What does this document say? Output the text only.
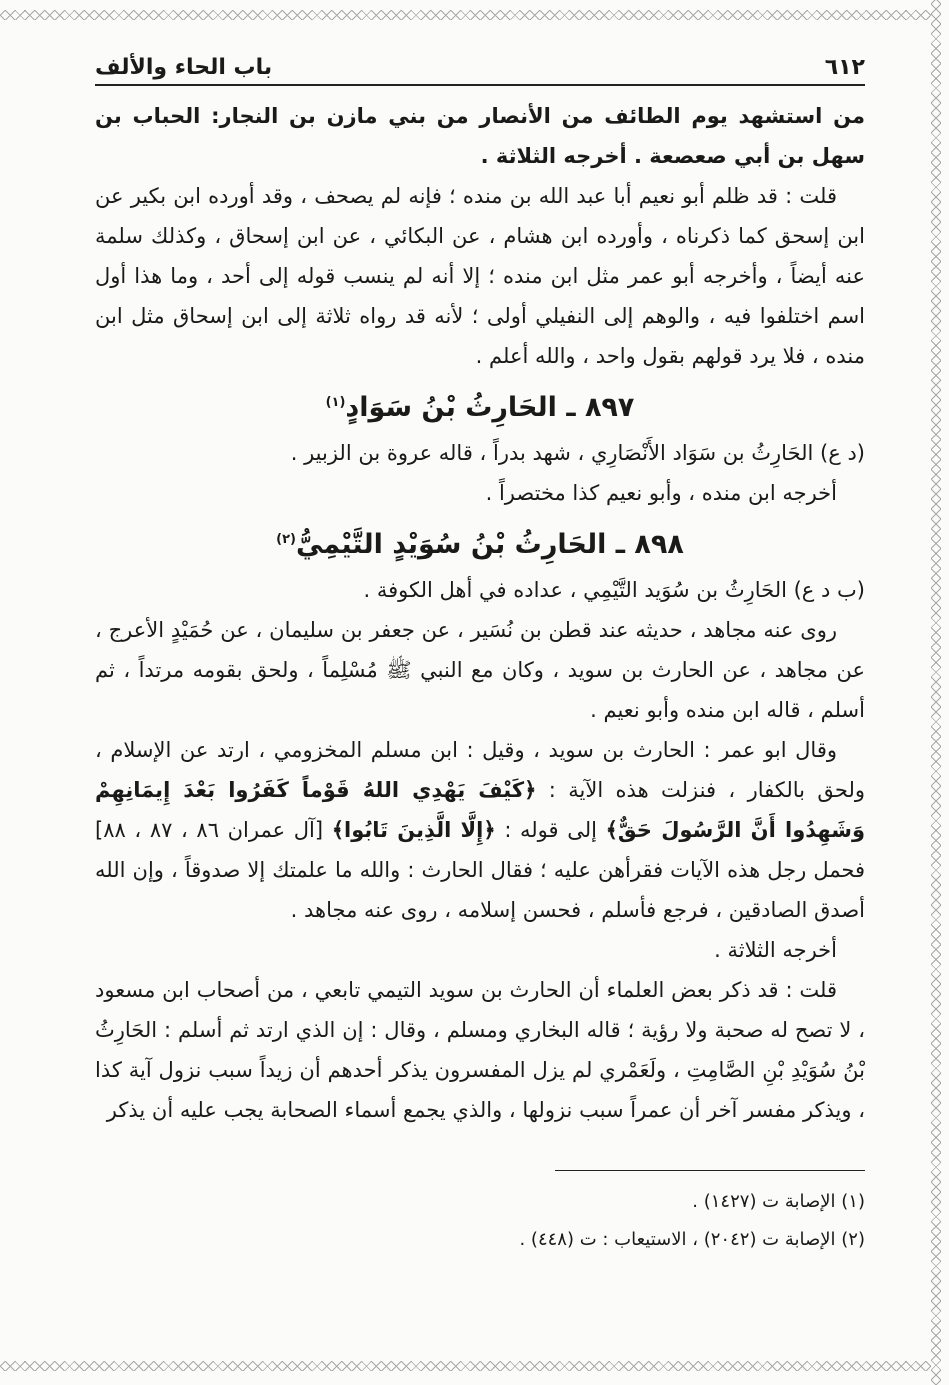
٦١٢
باب الحاء والألف

من استشهد يوم الطائف من الأنصار من بني مازن بن النجار: الحباب بن سهل بن أبي صعصعة . أخرجه الثلاثة .

قلت : قد ظلم أبو نعيم أبا عبد الله بن منده ؛ فإنه لم يصحف ، وقد أورده ابن بكير عن ابن إسحق كما ذكرناه ، وأورده ابن هشام ، عن البكائي ، عن ابن إسحاق ، وكذلك سلمة عنه أيضاً ، وأخرجه أبو عمر مثل ابن منده ؛ إلا أنه لم ينسب قوله إلى أحد ، وما هذا أول اسم اختلفوا فيه ، والوهم إلى النفيلي أولى ؛ لأنه قد رواه ثلاثة إلى ابن إسحاق مثل ابن منده ، فلا يرد قولهم بقول واحد ، والله أعلم .

٨٩٧ ـ الحَارِثُ بْنُ سَوَادٍ$^{(١)}$

(د ع) الحَارِثُ بن سَوَاد الأَنْصَارِي ، شهد بدراً ، قاله عروة بن الزبير .

أخرجه ابن منده ، وأبو نعيم كذا مختصراً .

٨٩٨ ـ الحَارِثُ بْنُ سُوَيْدٍ التَّيْمِيُّ$^{(٢)}$

(ب د ع) الحَارِثُ بن سُوَيد التَّيْمِي ، عداده في أهل الكوفة .

روى عنه مجاهد ، حديثه عند قطن بن نُسَير ، عن جعفر بن سليمان ، عن حُمَيْدٍ الأعرج ، عن مجاهد ، عن الحارث بن سويد ، وكان مع النبي ﷺ مُسْلِماً ، ولحق بقومه مرتداً ، ثم أسلم ، قاله ابن منده وأبو نعيم .

وقال ابو عمر : الحارث بن سويد ، وقيل : ابن مسلم المخزومي ، ارتد عن الإسلام ، ولحق بالكفار ، فنزلت هذه الآية : ﴿كَيْفَ يَهْدِي اللهُ قَوْماً كَفَرُوا بَعْدَ إِيمَانِهِمْ وَشَهِدُوا أَنَّ الرَّسُولَ حَقٌّ﴾ إلى قوله : ﴿إِلَّا الَّذِينَ تَابُوا﴾ [آل عمران ٨٦ ، ٨٧ ، ٨٨] فحمل رجل هذه الآيات فقرأهن عليه ؛ فقال الحارث : والله ما علمتك إلا صدوقاً ، وإن الله أصدق الصادقين ، فرجع فأسلم ، فحسن إسلامه ، روى عنه مجاهد .

أخرجه الثلاثة .

قلت : قد ذكر بعض العلماء أن الحارث بن سويد التيمي تابعي ، من أصحاب ابن مسعود ، لا تصح له صحبة ولا رؤية ؛ قاله البخاري ومسلم ، وقال : إن الذي ارتد ثم أسلم : الحَارِثُ بْنُ سُوَيْدِ بْنِ الصَّامِتِ ، ولَعَمْري لم يزل المفسرون يذكر أحدهم أن زيداً سبب نزول آية كذا ، ويذكر مفسر آخر أن عمراً سبب نزولها ، والذي يجمع أسماء الصحابة يجب عليه أن يذكر

(١) الإصابة ت (١٤٢٧) .

(٢) الإصابة ت (٢٠٤٢) ، الاستيعاب : ت (٤٤٨) .
